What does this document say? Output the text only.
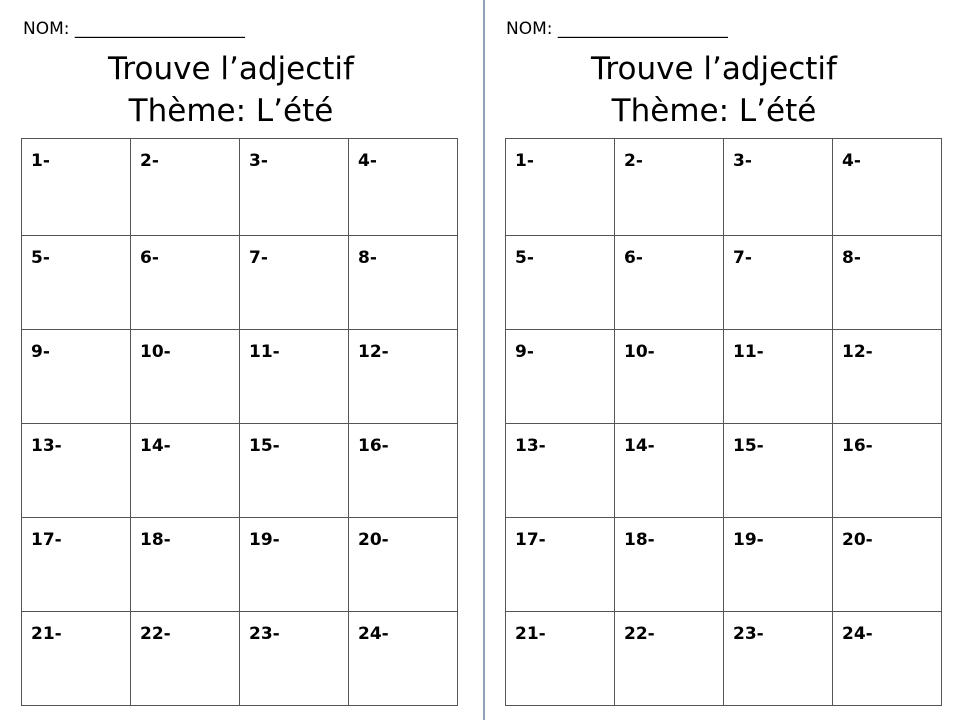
NOM: ____________________
Trouve l’adjectif
Thème: L’été
1-	2-	3-	4-
5-	6-	7-	8-
9-	10-	11-	12-
13-	14-	15-	16-
17-	18-	19-	20-
21-	22-	23-	24-
NOM: ____________________
Trouve l’adjectif
Thème: L’été
1-	2-	3-	4-
5-	6-	7-	8-
9-	10-	11-	12-
13-	14-	15-	16-
17-	18-	19-	20-
21-	22-	23-	24-
